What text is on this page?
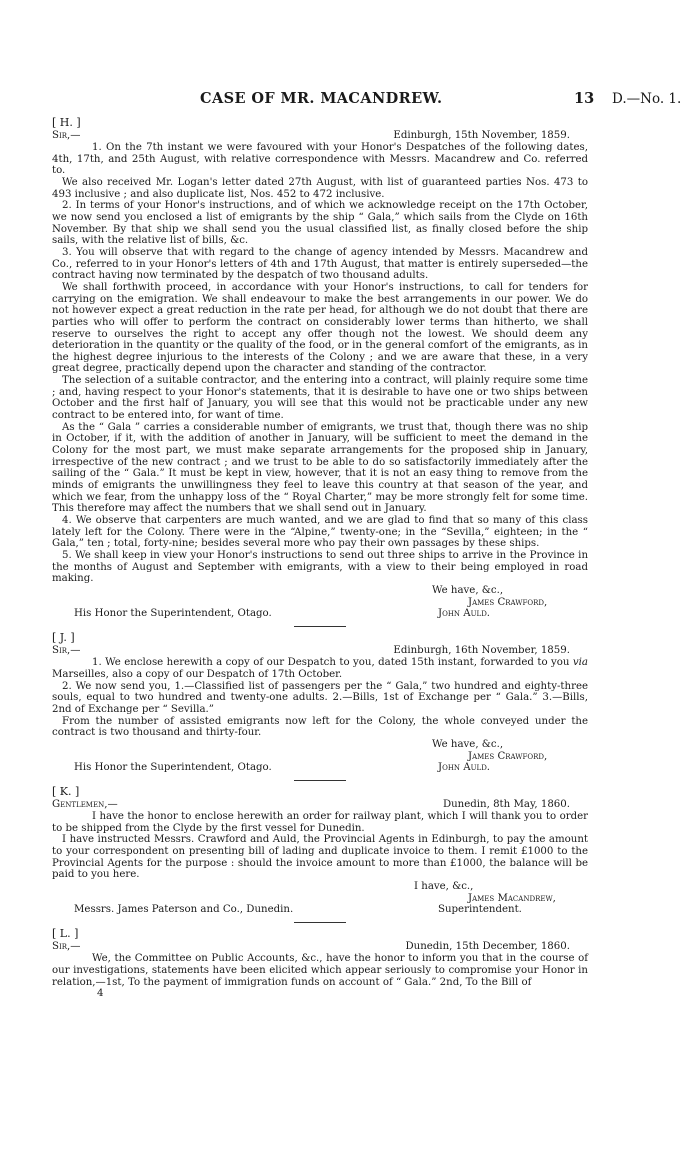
CASE OF MR. MACANDREW.	13 D.—No. 1.

[ H. ]

Sir,—	Edinburgh, 15th November, 1859.

1. On the 7th instant we were favoured with your Honor's Despatches of the following dates, 4th, 17th, and 25th August, with relative correspondence with Messrs. Macandrew and Co. referred to.

We also received Mr. Logan's letter dated 27th August, with list of guaranteed parties Nos. 473 to 493 inclusive ; and also duplicate list, Nos. 452 to 472 inclusive.

2. In terms of your Honor's instructions, and of which we acknowledge receipt on the 17th October, we now send you enclosed a list of emigrants by the ship “ Gala,” which sails from the Clyde on 16th November. By that ship we shall send you the usual classified list, as finally closed before the ship sails, with the relative list of bills, &c.

3. You will observe that with regard to the change of agency intended by Messrs. Macandrew and Co., referred to in your Honor's letters of 4th and 17th August, that matter is entirely superseded—the contract having now terminated by the despatch of two thousand adults.

We shall forthwith proceed, in accordance with your Honor's instructions, to call for tenders for carrying on the emigration. We shall endeavour to make the best arrangements in our power. We do not however expect a great reduction in the rate per head, for although we do not doubt that there are parties who will offer to perform the contract on considerably lower terms than hitherto, we shall reserve to ourselves the right to accept any offer though not the lowest. We should deem any deterioration in the quantity or the quality of the food, or in the general comfort of the emigrants, as in the highest degree injurious to the interests of the Colony ; and we are aware that these, in a very great degree, practically depend upon the character and standing of the contractor.

The selection of a suitable contractor, and the entering into a contract, will plainly require some time ; and, having respect to your Honor's statements, that it is desirable to have one or two ships between October and the first half of January, you will see that this would not be practicable under any new contract to be entered into, for want of time.

As the “ Gala ” carries a considerable number of emigrants, we trust that, though there was no ship in October, if it, with the addition of another in January, will be sufficient to meet the demand in the Colony for the most part, we must make separate arrangements for the proposed ship in January, irrespective of the new contract ; and we trust to be able to do so satisfactorily immediately after the sailing of the “ Gala.” It must be kept in view, however, that it is not an easy thing to remove from the minds of emigrants the unwillingness they feel to leave this country at that season of the year, and which we fear, from the unhappy loss of the “ Royal Charter,” may be more strongly felt for some time. This therefore may affect the numbers that we shall send out in January.

4. We observe that carpenters are much wanted, and we are glad to find that so many of this class lately left for the Colony. There were in the “Alpine,” twenty-one; in the “Sevilla,” eighteen; in the “ Gala,” ten ; total, forty-nine; besides several more who pay their own passages by these ships.

5. We shall keep in view your Honor's instructions to send out three ships to arrive in the Province in the months of August and September with emigrants, with a view to their being employed in road making.

We have, &c.,

James Crawford,

His Honor the Superintendent, Otago.	John Auld.

[ J. ]

Sir,—	Edinburgh, 16th November, 1859.

1. We enclose herewith a copy of our Despatch to you, dated 15th instant, forwarded to you via Marseilles, also a copy of our Despatch of 17th October.

2. We now send you, 1.—Classified list of passengers per the “ Gala,” two hundred and eighty-three souls, equal to two hundred and twenty-one adults. 2.—Bills, 1st of Exchange per “ Gala.” 3.—Bills, 2nd of Exchange per “ Sevilla.”

From the number of assisted emigrants now left for the Colony, the whole conveyed under the contract is two thousand and thirty-four.

We have, &c.,

James Crawford,

His Honor the Superintendent, Otago.	John Auld.

[ K. ]

Gentlemen,—	Dunedin, 8th May, 1860.

I have the honor to enclose herewith an order for railway plant, which I will thank you to order to be shipped from the Clyde by the first vessel for Dunedin.

I have instructed Messrs. Crawford and Auld, the Provincial Agents in Edinburgh, to pay the amount to your correspondent on presenting bill of lading and duplicate invoice to them. I remit £1000 to the Provincial Agents for the purpose : should the invoice amount to more than £1000, the balance will be paid to you here.

I have, &c.,

James Macandrew,

Messrs. James Paterson and Co., Dunedin.	Superintendent.

[ L. ]

Sir,—	Dunedin, 15th December, 1860.

We, the Committee on Public Accounts, &c., have the honor to inform you that in the course of our investigations, statements have been elicited which appear seriously to compromise your Honor in relation,—1st, To the payment of immigration funds on account of “ Gala.” 2nd, To the Bill of

4
